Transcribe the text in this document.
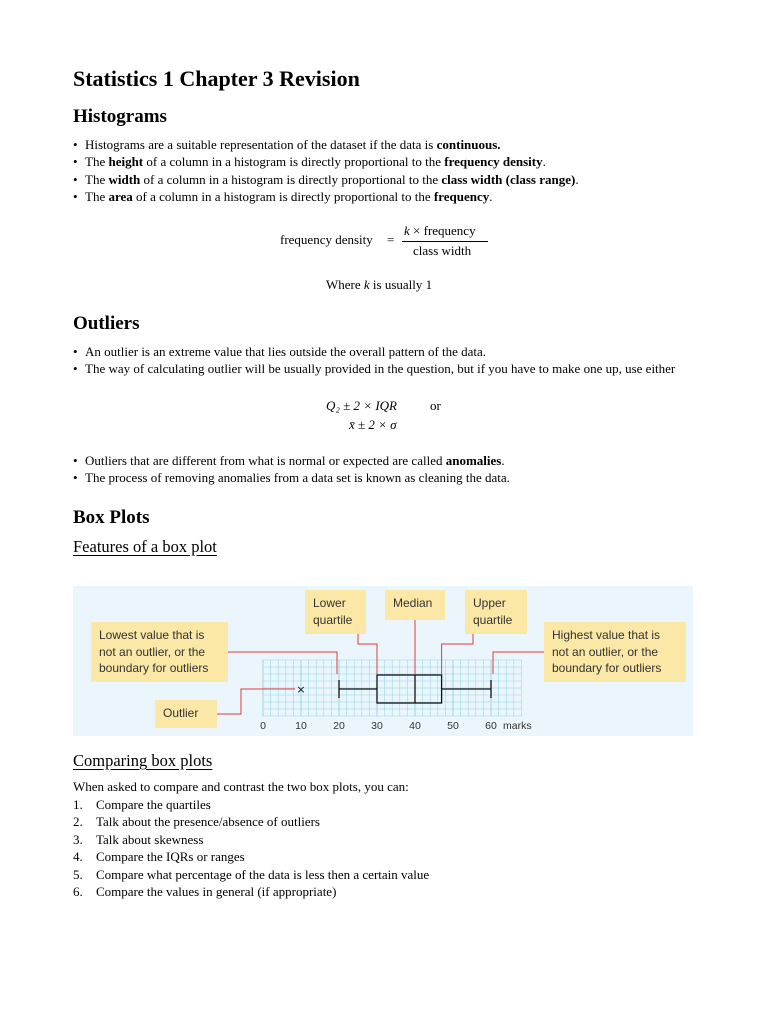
Statistics 1 Chapter 3 Revision
Histograms
• Histograms are a suitable representation of the dataset if the data is continuous.
• The height of a column in a histogram is directly proportional to the frequency density.
• The width of a column in a histogram is directly proportional to the class width (class range).
• The area of a column in a histogram is directly proportional to the frequency.
frequency density =
k × frequency
class width
Where k is usually 1
Outliers
• An outlier is an extreme value that lies outside the overall pattern of the data.
• The way of calculating outlier will be usually provided in the question, but if you have to make one up, use either
Q₂ ± 2 × IQR	or
x̄ ± 2 × σ
• Outliers that are different from what is normal or expected are called anomalies.
• The process of removing anomalies from a data set is known as cleaning the data.
Box Plots
Features of a box plot
×
0	10	20	30	40	50	60 marks
Lower
quartile
Median	Upper
quartile
Lowest value that is
not an outlier, or the
boundary for outliers
Highest value that is
not an outlier, or the
boundary for outliers
Outlier
Comparing box plots
When asked to compare and contrast the two box plots, you can:
1. Compare the quartiles
2. Talk about the presence/absence of outliers
3. Talk about skewness
4. Compare the IQRs or ranges
5. Compare what percentage of the data is less then a certain value
6. Compare the values in general (if appropriate)
